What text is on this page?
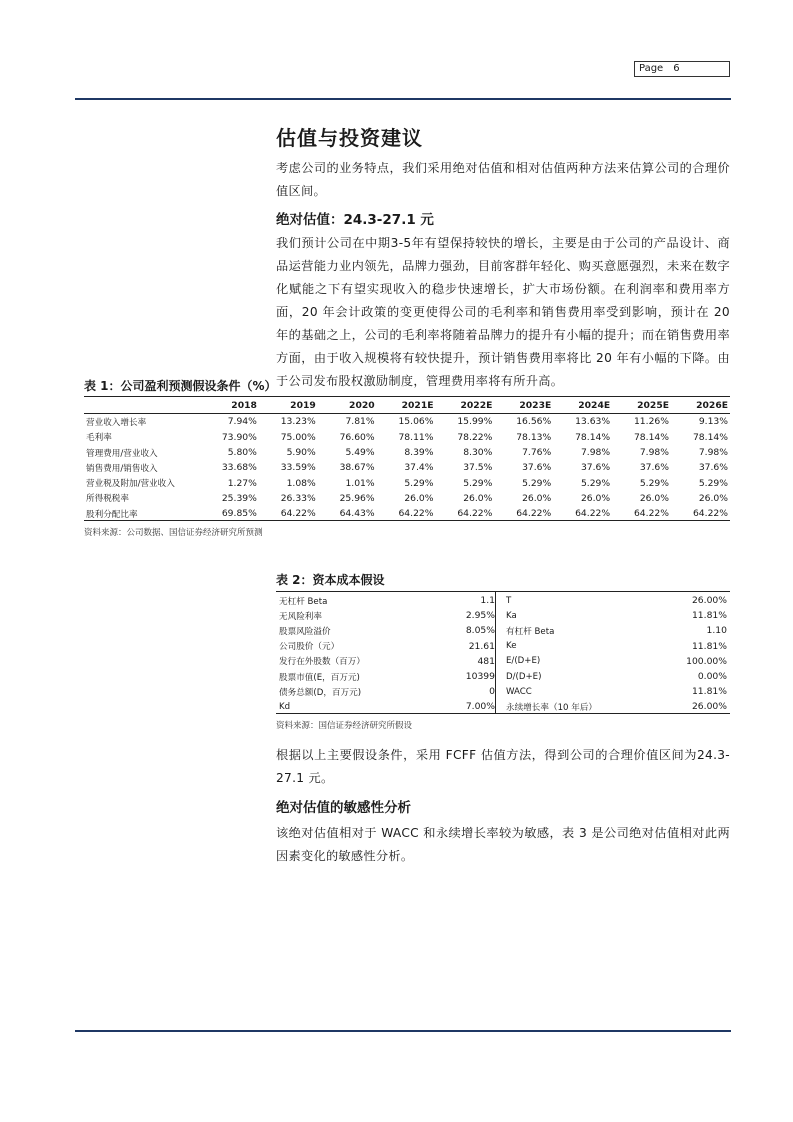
Page 6
估值与投资建议
考虑公司的业务特点，我们采用绝对估值和相对估值两种方法来估算公司的合理价值区间。
绝对估值：24.3-27.1 元
我们预计公司在中期3-5年有望保持较快的增长，主要是由于公司的产品设计、商品运营能力业内领先，品牌力强劲，目前客群年轻化、购买意愿强烈，未来在数字化赋能之下有望实现收入的稳步快速增长，扩大市场份额。在利润率和费用率方面，20 年会计政策的变更使得公司的毛利率和销售费用率受到影响，预计在 20 年的基础之上，公司的毛利率将随着品牌力的提升有小幅的提升；而在销售费用率方面，由于收入规模将有较快提升，预计销售费用率将比 20 年有小幅的下降。由于公司发布股权激励制度，管理费用率将有所升高。
表 1：公司盈利预测假设条件（%）
	2018	2019	2020	2021E	2022E	2023E	2024E	2025E	2026E
营业收入增长率	7.94%	13.23%	7.81%	15.06%	15.99%	16.56%	13.63%	11.26%	9.13%
毛利率	73.90%	75.00%	76.60%	78.11%	78.22%	78.13%	78.14%	78.14%	78.14%
管理费用/营业收入	5.80%	5.90%	5.49%	8.39%	8.30%	7.76%	7.98%	7.98%	7.98%
销售费用/销售收入	33.68%	33.59%	38.67%	37.4%	37.5%	37.6%	37.6%	37.6%	37.6%
营业税及附加/营业收入	1.27%	1.08%	1.01%	5.29%	5.29%	5.29%	5.29%	5.29%	5.29%
所得税税率	25.39%	26.33%	25.96%	26.0%	26.0%	26.0%	26.0%	26.0%	26.0%
股利分配比率	69.85%	64.22%	64.43%	64.22%	64.22%	64.22%	64.22%	64.22%	64.22%
资料来源：公司数据、国信证券经济研究所预测
表 2：资本成本假设
无杠杆 Beta	1.1	T	26.00%
无风险利率	2.95%	Ka	11.81%
股票风险溢价	8.05%	有杠杆 Beta	1.10
公司股价（元）	21.61	Ke	11.81%
发行在外股数（百万）	481	E/(D+E)	100.00%
股票市值(E，百万元)	10399	D/(D+E)	0.00%
债务总额(D，百万元)	0	WACC	11.81%
Kd	7.00%	永续增长率（10 年后）	26.00%
资料来源：国信证券经济研究所假设
根据以上主要假设条件，采用 FCFF 估值方法，得到公司的合理价值区间为24.3-27.1 元。
绝对估值的敏感性分析
该绝对估值相对于 WACC 和永续增长率较为敏感，表 3 是公司绝对估值相对此两因素变化的敏感性分析。
